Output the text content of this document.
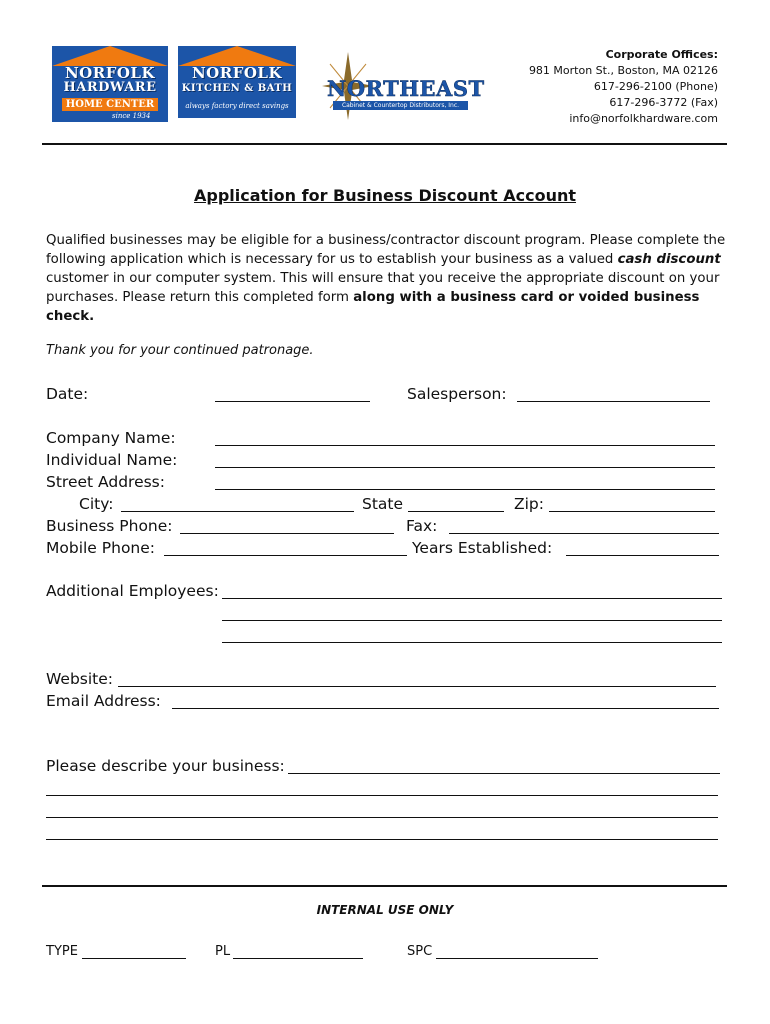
NORFOLK
HARDWARE
HOME CENTER
since 1934
NORFOLK
KITCHEN & BATH
always factory direct savings
NORTHEAST
Cabinet & Countertop Distributors, Inc.
Corporate Offices:
981 Morton St., Boston, MA 02126
617-296-2100 (Phone)
617-296-3772 (Fax)
info@norfolkhardware.com
Application for Business Discount Account
Qualified businesses may be eligible for a business/contractor discount program. Please complete the following application which is necessary for us to establish your business as a valued cash discount customer in our computer system. This will ensure that you receive the appropriate discount on your purchases. Please return this completed form along with a business card or voided business check.
Thank you for your continued patronage.
Date:	Salesperson:
Company Name:
Individual Name:
Street Address:
City:	State	Zip:
Business Phone:	Fax:
Mobile Phone:	Years Established:
Additional Employees:
Website:
Email Address:
Please describe your business:
INTERNAL USE ONLY
TYPE	PL	SPC
